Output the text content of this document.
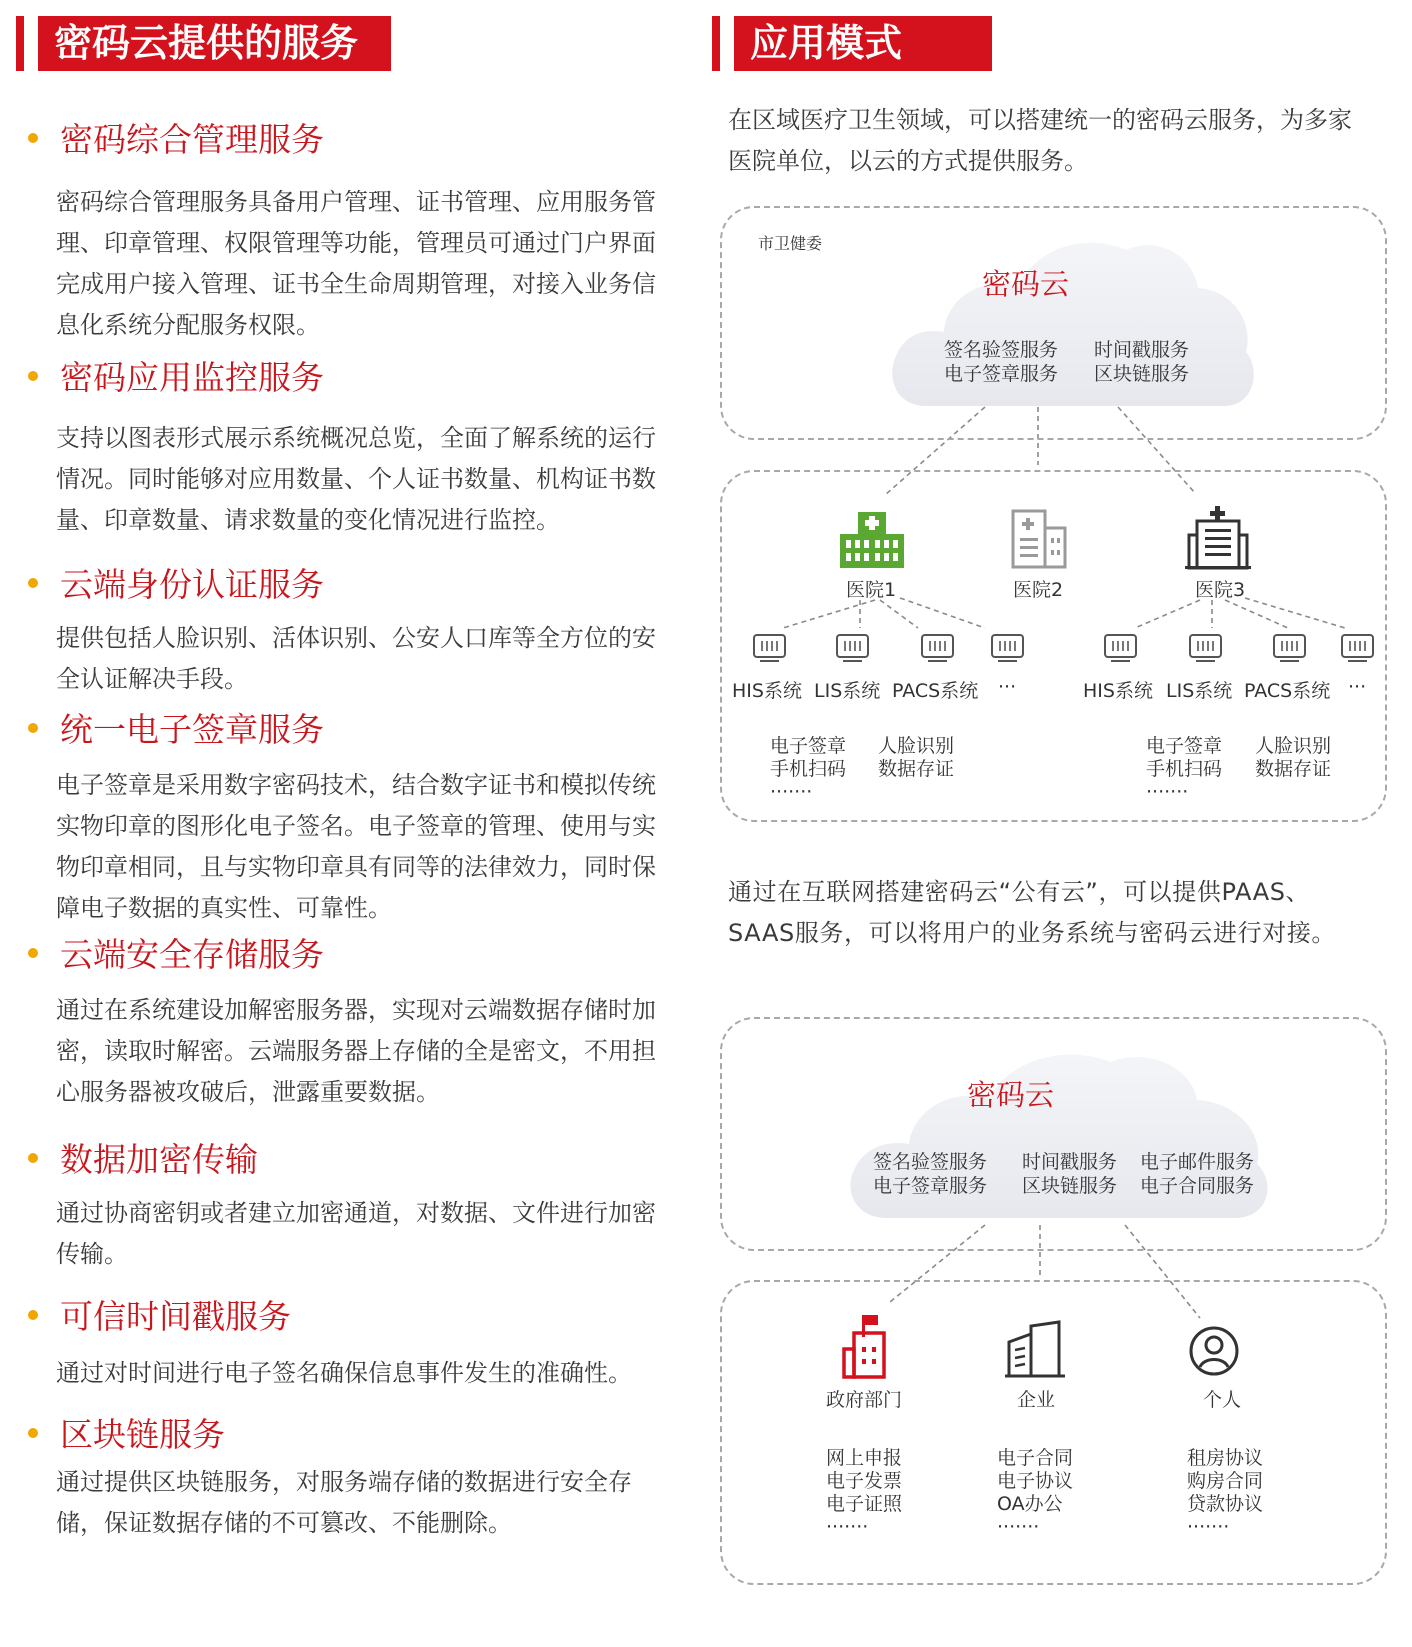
密码云提供的服务
密码综合管理服务
密码综合管理服务具备用户管理、证书管理、应用服务管理、印章管理、权限管理等功能，管理员可通过门户界面完成用户接入管理、证书全生命周期管理，对接入业务信息化系统分配服务权限。
密码应用监控服务
支持以图表形式展示系统概况总览，全面了解系统的运行情况。同时能够对应用数量、个人证书数量、机构证书数量、印章数量、请求数量的变化情况进行监控。
云端身份认证服务
提供包括人脸识别、活体识别、公安人口库等全方位的安全认证解决手段。
统一电子签章服务
电子签章是采用数字密码技术，结合数字证书和模拟传统实物印章的图形化电子签名。电子签章的管理、使用与实物印章相同，且与实物印章具有同等的法律效力，同时保障电子数据的真实性、可靠性。
云端安全存储服务
通过在系统建设加解密服务器，实现对云端数据存储时加密，读取时解密。云端服务器上存储的全是密文，不用担心服务器被攻破后，泄露重要数据。
数据加密传输
通过协商密钥或者建立加密通道，对数据、文件进行加密传输。
可信时间戳服务
通过对时间进行电子签名确保信息事件发生的准确性。
区块链服务
通过提供区块链服务，对服务端存储的数据进行安全存储，保证数据存储的不可篡改、不能删除。
应用模式
在区域医疗卫生领域，可以搭建统一的密码云服务，为多家医院单位，以云的方式提供服务。
市卫健委
密码云
签名验签服务
电子签章服务
时间戳服务
区块链服务
医院1	医院2	医院3
HIS系统 LIS系统 PACS系统 ···	HIS系统 LIS系统 PACS系统 ···
电子签章
手机扫码
·······
人脸识别
数据存证
电子签章
手机扫码
·······
人脸识别
数据存证
通过在互联网搭建密码云“公有云”，可以提供PAAS、SAAS服务，可以将用户的业务系统与密码云进行对接。
密码云
签名验签服务
电子签章服务
时间戳服务
区块链服务
电子邮件服务
电子合同服务
政府部门	企业	个人
网上申报
电子发票
电子证照
·······
电子合同
电子协议
OA办公
·······
租房协议
购房合同
贷款协议
·······
